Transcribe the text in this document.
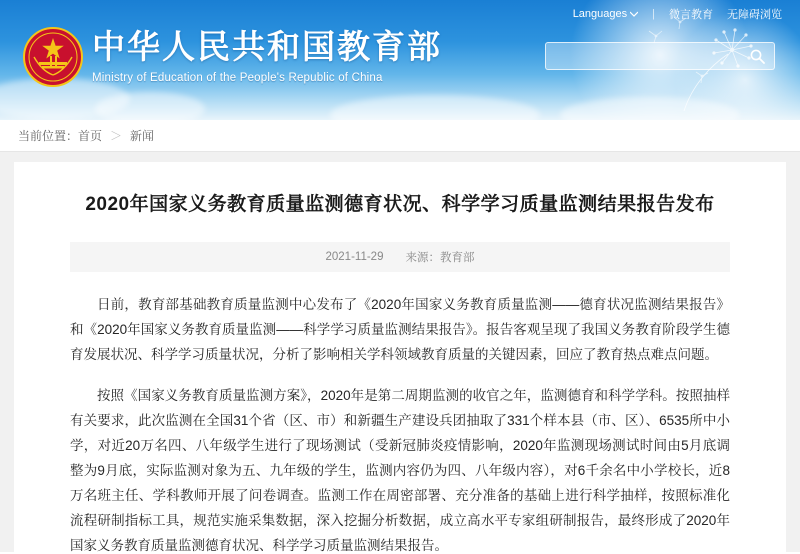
Languages | 微言教育 无障碍浏览
中华人民共和国教育部
Ministry of Education of the People's Republic of China
当前位置： 首页 ＞ 新闻
2020年国家义务教育质量监测德育状况、科学学习质量监测结果报告发布
2021-11-29 来源：教育部

日前，教育部基础教育质量监测中心发布了《2020年国家义务教育质量监测——德育状况监测结果报告》和《2020年国家义务教育质量监测——科学学习质量监测结果报告》。报告客观呈现了我国义务教育阶段学生德育发展状况、科学学习质量状况，分析了影响相关学科领域教育质量的关键因素，回应了教育热点难点问题。

按照《国家义务教育质量监测方案》，2020年是第二周期监测的收官之年，监测德育和科学学科。按照抽样有关要求，此次监测在全国31个省（区、市）和新疆生产建设兵团抽取了331个样本县（市、区）、6535所中小学，对近20万名四、八年级学生进行了现场测试（受新冠肺炎疫情影响，2020年监测现场测试时间由5月底调整为9月底，实际监测对象为五、九年级的学生，监测内容仍为四、八年级内容），对6千余名中小学校长，近8万名班主任、学科教师开展了问卷调查。监测工作在周密部署、充分准备的基础上进行科学抽样，按照标准化流程研制指标工具，规范实施采集数据，深入挖掘分析数据，成立高水平专家组研制报告，最终形成了2020年国家义务教育质量监测德育状况、科学学习质量监测结果报告。
